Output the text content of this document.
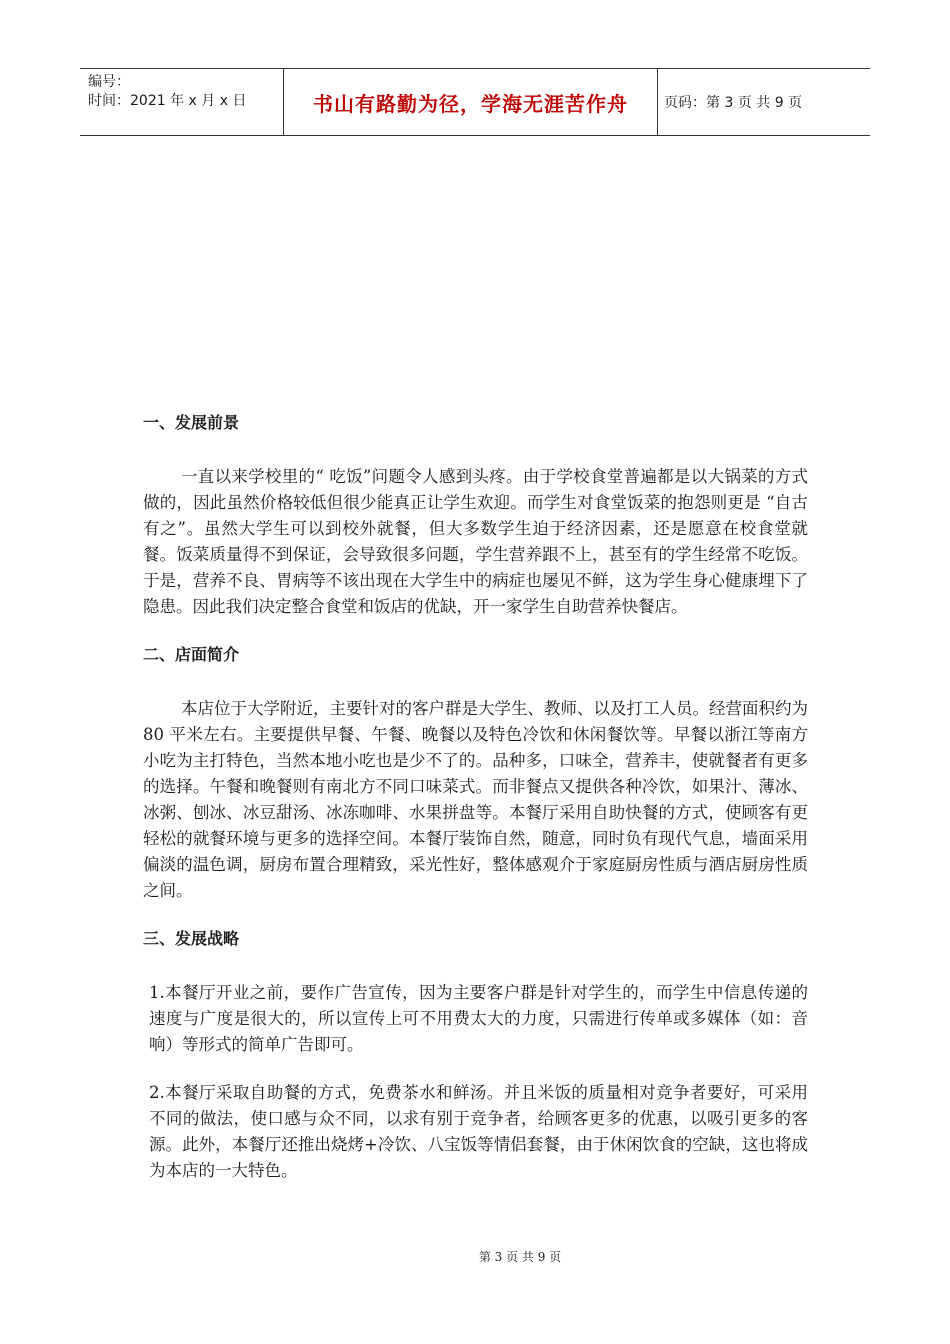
编号：
时间：2021 年 x 月 x 日	书山有路勤为径，学海无涯苦作舟	页码：第 3 页 共 9 页
一、发展前景

一直以来学校里的“ 吃饭”问题令人感到头疼。由于学校食堂普遍都是以大锅菜的方式做的，因此虽然价格较低但很少能真正让学生欢迎。而学生对食堂饭菜的抱怨则更是 “自古有之”。虽然大学生可以到校外就餐，但大多数学生迫于经济因素，还是愿意在校食堂就餐。饭菜质量得不到保证，会导致很多问题，学生营养跟不上，甚至有的学生经常不吃饭。于是，营养不良、胃病等不该出现在大学生中的病症也屡见不鲜，这为学生身心健康埋下了隐患。因此我们决定整合食堂和饭店的优缺，开一家学生自助营养快餐店。

二、店面简介

本店位于大学附近，主要针对的客户群是大学生、教师、以及打工人员。经营面积约为 80 平米左右。主要提供早餐、午餐、晚餐以及特色冷饮和休闲餐饮等。早餐以浙江等南方小吃为主打特色，当然本地小吃也是少不了的。品种多，口味全，营养丰，使就餐者有更多的选择。午餐和晚餐则有南北方不同口味菜式。而非餐点又提供各种冷饮，如果汁、薄冰、冰粥、刨冰、冰豆甜汤、冰冻咖啡、水果拼盘等。本餐厅采用自助快餐的方式，使顾客有更轻松的就餐环境与更多的选择空间。本餐厅装饰自然，随意，同时负有现代气息，墙面采用偏淡的温色调，厨房布置合理精致，采光性好，整体感观介于家庭厨房性质与酒店厨房性质之间。

三、发展战略

1.本餐厅开业之前，要作广告宣传，因为主要客户群是针对学生的，而学生中信息传递的速度与广度是很大的，所以宣传上可不用费太大的力度，只需进行传单或多媒体（如：音响）等形式的简单广告即可。

2.本餐厅采取自助餐的方式，免费茶水和鲜汤。并且米饭的质量相对竞争者要好，可采用不同的做法，使口感与众不同，以求有别于竞争者，给顾客更多的优惠，以吸引更多的客源。此外，本餐厅还推出烧烤+冷饮、八宝饭等情侣套餐，由于休闲饮食的空缺，这也将成为本店的一大特色。

第 3 页 共 9 页
